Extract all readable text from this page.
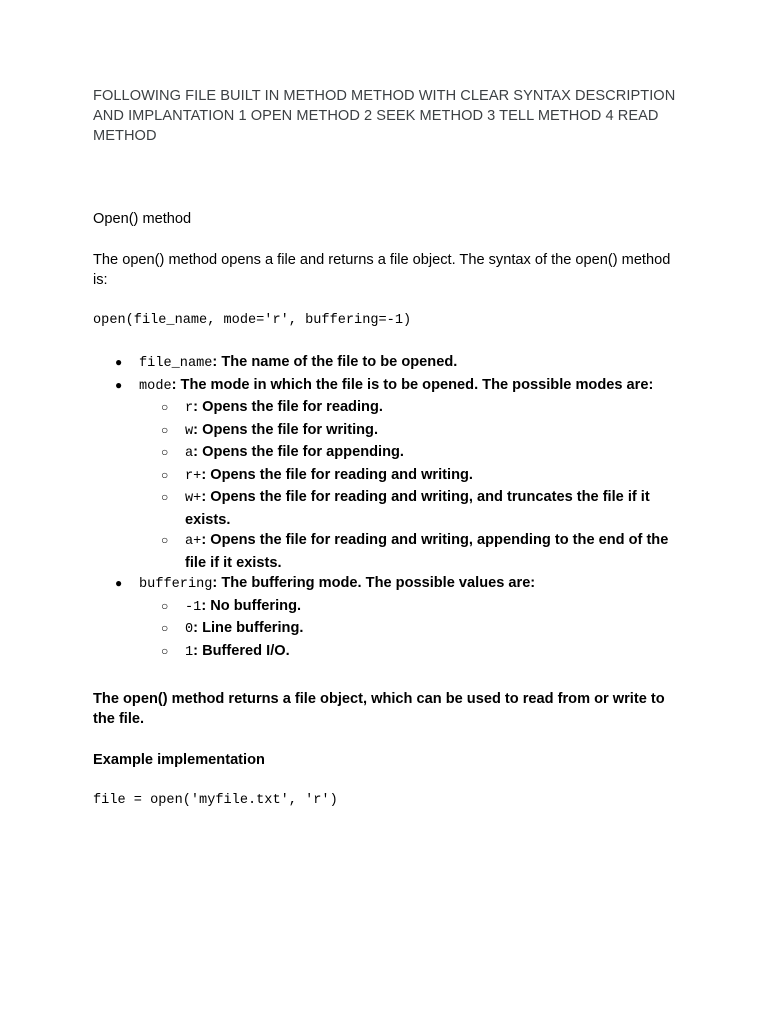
FOLLOWING FILE BUILT IN METHOD METHOD WITH CLEAR SYNTAX DESCRIPTION AND IMPLANTATION 1 OPEN METHOD 2 SEEK METHOD 3 TELL METHOD 4 READ METHOD

Open() method

The open() method opens a file and returns a file object. The syntax of the open() method is:

open(file_name, mode='r', buffering=-1)
● file_name: The name of the file to be opened.
● mode: The mode in which the file is to be opened. The possible modes are:
○ r: Opens the file for reading.
○ w: Opens the file for writing.
○ a: Opens the file for appending.
○ r+: Opens the file for reading and writing.
○ w+: Opens the file for reading and writing, and truncates the file if it exists.
○ a+: Opens the file for reading and writing, appending to the end of the file if it exists.
● buffering: The buffering mode. The possible values are:
○ -1: No buffering.
○ 0: Line buffering.
○ 1: Buffered I/O.

The open() method returns a file object, which can be used to read from or write to the file.

Example implementation

file = open('myfile.txt', 'r')
